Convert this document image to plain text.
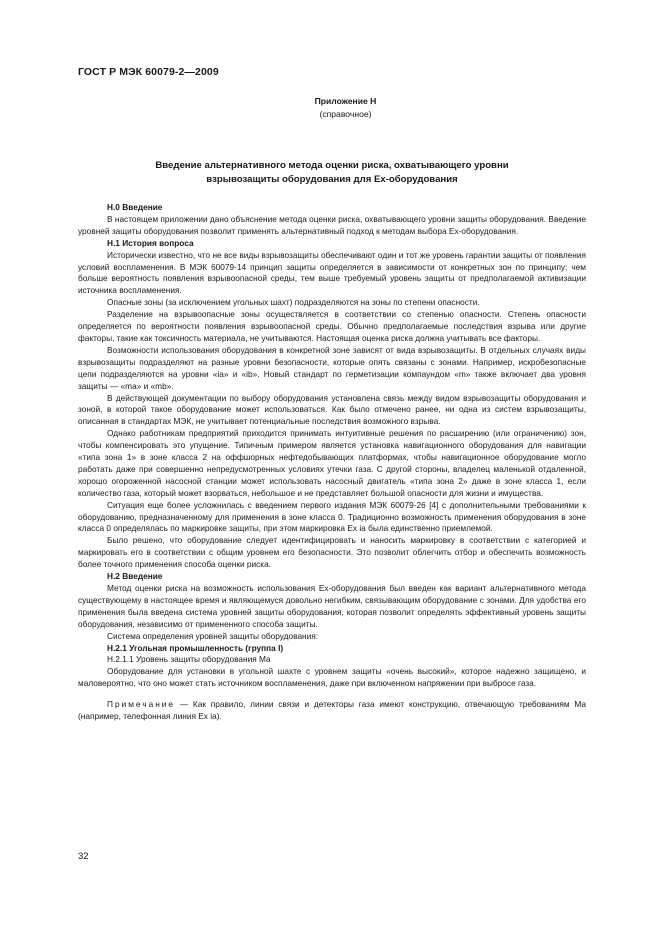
ГОСТ Р МЭК 60079-2—2009
Приложение Н
(справочное)
Введение альтернативного метода оценки риска, охватывающего уровни
взрывозащиты оборудования для Ex-оборудования

Н.0 Введение

В настоящем приложении дано объяснение метода оценки риска, охватывающего уровни защиты оборудования. Введение уровней защиты оборудования позволит применять альтернативный подход к методам выбора Ex-оборудования.

Н.1 История вопроса

Исторически известно, что не все виды взрывозащиты обеспечивают один и тот же уровень гарантии защиты от появления условий воспламенения. В МЭК 60079-14 принцип защиты определяется в зависимости от конкретных зон по принципу: чем больше вероятность появления взрывоопасной среды, тем выше требуемый уровень защиты от предполагаемой активизации источника воспламенения.

Опасные зоны (за исключением угольных шахт) подразделяются на зоны по степени опасности.

Разделение на взрывоопасные зоны осуществляется в соответствии со степенью опасности. Степень опасности определяется по вероятности появления взрывоопасной среды. Обычно предполагаемые последствия взрыва или другие факторы, такие как токсичность материала, не учитываются. Настоящая оценка риска должна учитывать все факторы.

Возможности использования оборудования в конкретной зоне зависят от вида взрывозащиты. В отдельных случаях виды взрывозащиты подразделяют на разные уровни безопасности, которые опять связаны с зонами. Например, искробезопасные цепи подразделяются на уровни «ia» и «ib». Новый стандарт по герметизации компаундом «m» также включает два уровня защиты — «ma» и «mb».

В действующей документации по выбору оборудования установлена связь между видом взрывозащиты оборудования и зоной, в которой такое оборудование может использоваться. Как было отмечено ранее, ни одна из систем взрывозащиты, описанная в стандартах МЭК, не учитывает потенциальные последствия возможного взрыва.

Однако работникам предприятий приходится принимать интуитивные решения по расширению (или ограничению) зон, чтобы компенсировать это упущение. Типичным примером является установка навигационного оборудования для навигации «типа зона 1» в зоне класса 2 на оффшорных нефтедобывающих платформах, чтобы навигационное оборудование могло работать даже при совершенно непредусмотренных условиях утечки газа. С другой стороны, владелец маленькой отдаленной, хорошо огороженной насосной станции может использовать насосный двигатель «типа зона 2» даже в зоне класса 1, если количество газа, который может взорваться, небольшое и не представляет большой опасности для жизни и имущества.

Ситуация еще более усложнилась с введением первого издания МЭК 60079-26 [4] с дополнительными требованиями к оборудованию, предназначенному для применения в зоне класса 0. Традиционно возможность применения оборудования в зоне класса 0 определялась по маркировке защиты, при этом маркировка Ex ia была единственно приемлемой.

Было решено, что оборудование следует идентифицировать и наносить маркировку в соответствии с категорией и маркировать его в соответствии с общим уровнем его безопасности. Это позволит облегчить отбор и обеспечить возможность более точного применения способа оценки риска.

Н.2 Введение

Метод оценки риска на возможность использования Ex-оборудования был введен как вариант альтернативного метода существующему в настоящее время и являющемуся довольно негибким, связывающим оборудование с зонами. Для удобства его применения была введена система уровней защиты оборудования, которая позволит определять эффективный уровень защиты оборудования, независимо от примененного способа защиты.

Система определения уровней защиты оборудования:

Н.2.1 Угольная промышленность (группа I)

Н.2.1.1 Уровень защиты оборудования Ма

Оборудование для установки в угольной шахте с уровнем защиты «очень высокий», которое надежно защищено, и маловероятно, что оно может стать источником воспламенения, даже при включенном напряжении при выбросе газа.

Примечание — Как правило, линии связи и детекторы газа имеют конструкцию, отвечающую требованиям Ма (например, телефонная линия Ex ia).

32
